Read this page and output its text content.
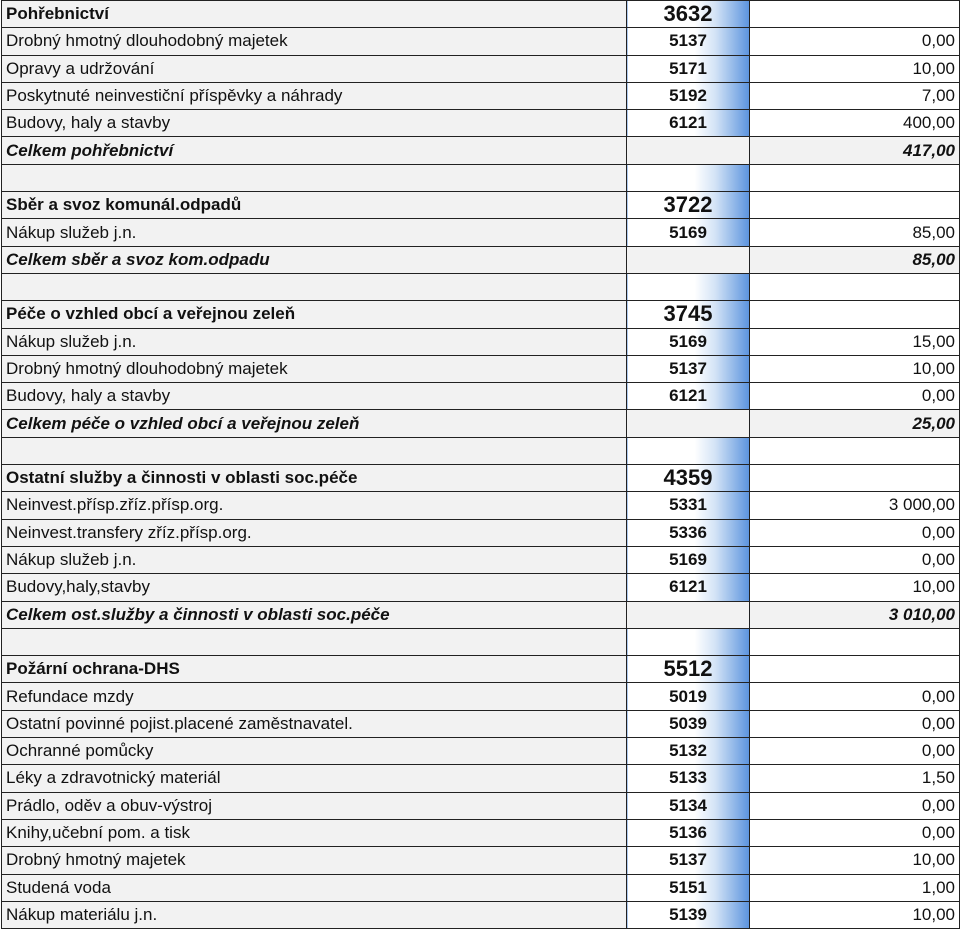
Pohřebnictví	3632	
Drobný hmotný dlouhodobný majetek	5137	0,00
Opravy a udržování	5171	10,00
Poskytnuté neinvestiční příspěvky a náhrady	5192	7,00
Budovy, haly a stavby	6121	400,00
Celkem pohřebnictví		417,00

Sběr a svoz komunál.odpadů	3722	
Nákup služeb j.n.	5169	85,00
Celkem sběr a svoz kom.odpadu		85,00

Péče o vzhled obcí a veřejnou zeleň	3745	
Nákup služeb j.n.	5169	15,00
Drobný hmotný dlouhodobný majetek	5137	10,00
Budovy, haly a stavby	6121	0,00
Celkem péče o vzhled obcí a veřejnou zeleň		25,00

Ostatní služby a činnosti v oblasti soc.péče	4359	
Neinvest.přísp.zříz.přísp.org.	5331	3 000,00
Neinvest.transfery zříz.přísp.org.	5336	0,00
Nákup služeb j.n.	5169	0,00
Budovy,haly,stavby	6121	10,00
Celkem ost.služby a činnosti v oblasti soc.péče		3 010,00

Požární ochrana-DHS	5512	
Refundace mzdy	5019	0,00
Ostatní povinné pojist.placené zaměstnavatel.	5039	0,00
Ochranné pomůcky	5132	0,00
Léky a zdravotnický materiál	5133	1,50
Prádlo, oděv a obuv-výstroj	5134	0,00
Knihy,učební pom. a tisk	5136	0,00
Drobný hmotný majetek	5137	10,00
Studená voda	5151	1,00
Nákup materiálu j.n.	5139	10,00
